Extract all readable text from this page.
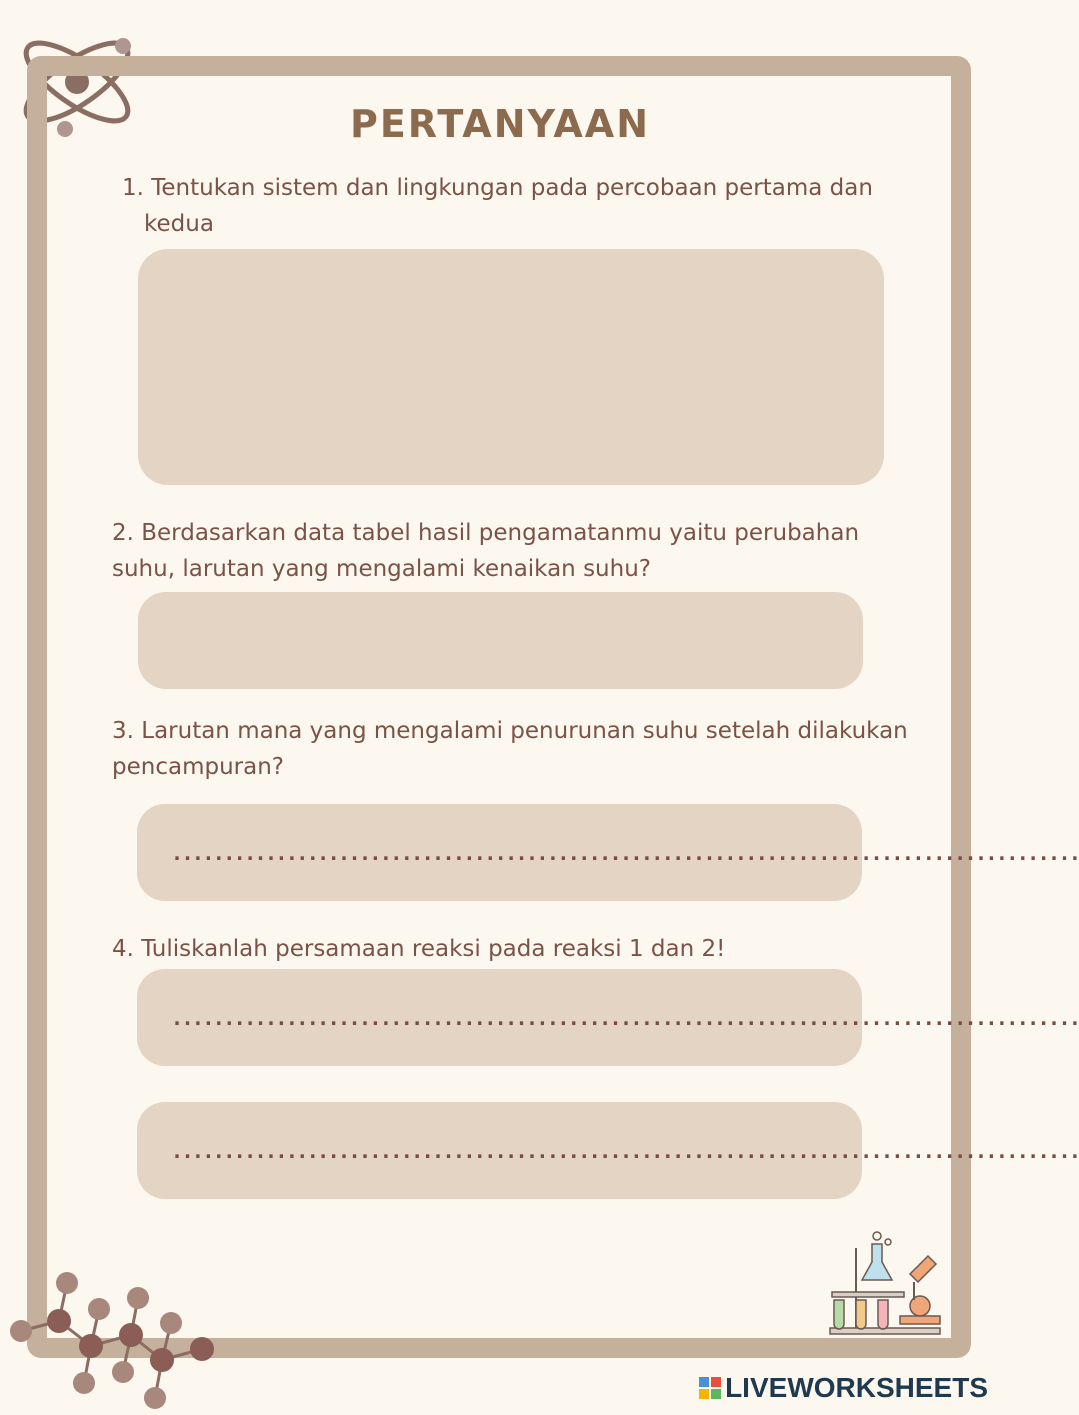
PERTANYAAN

1. Tentukan sistem dan lingkungan pada percobaan pertama dan
kedua

2. Berdasarkan data tabel hasil pengamatanmu yaitu perubahan
suhu, larutan yang mengalami kenaikan suhu?

3. Larutan mana yang mengalami penurunan suhu setelah dilakukan
pencampuran?

.......................................................................................

4. Tuliskanlah persamaan reaksi pada reaksi 1 dan 2!

.......................................................................................
.......................................................................................
LIVEWORKSHEETS
